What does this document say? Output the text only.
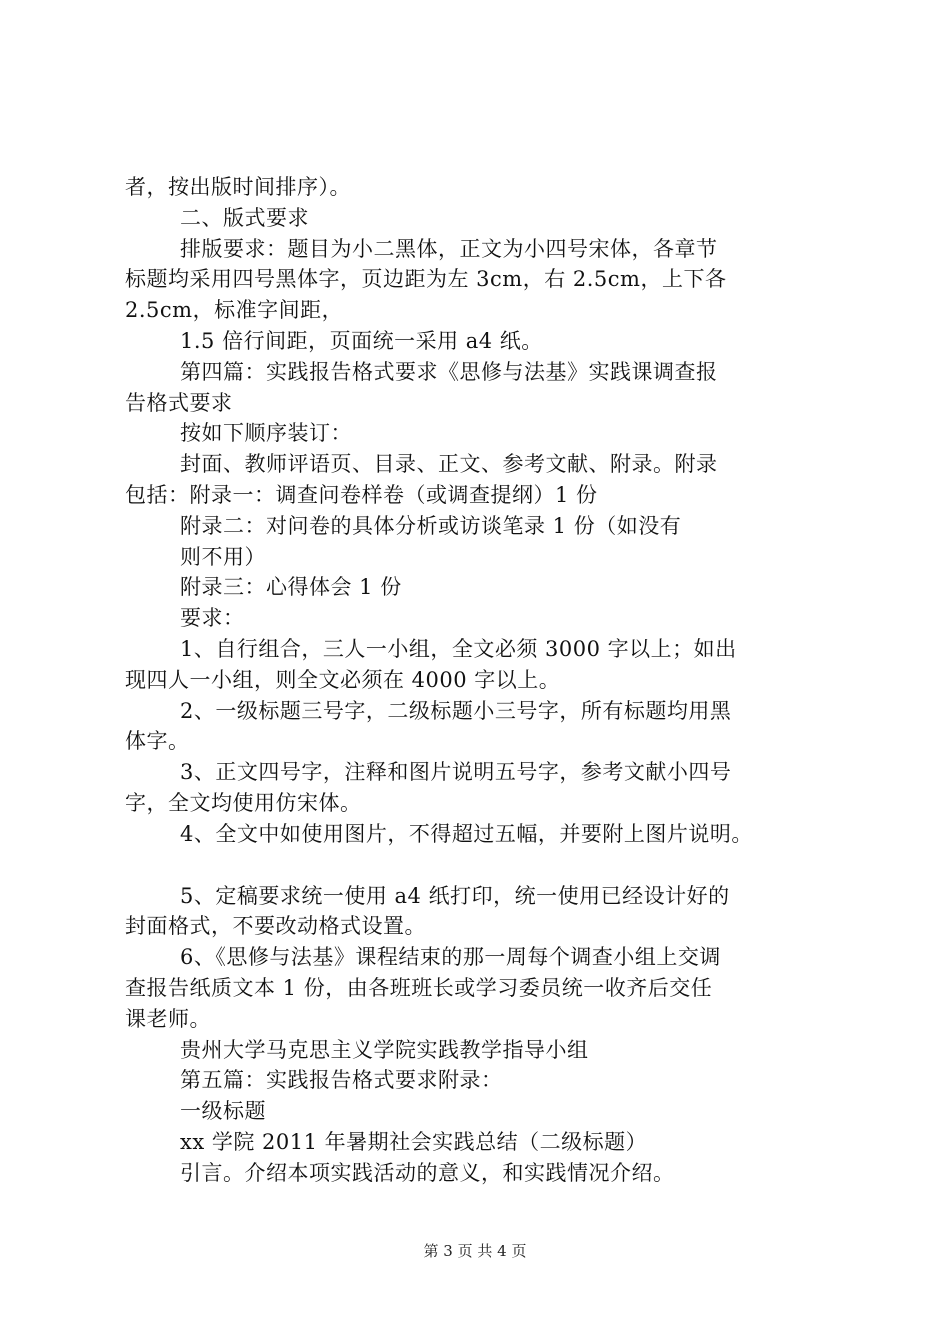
者，按出版时间排序）。
二、版式要求
排版要求：题目为小二黑体，正文为小四号宋体，各章节
标题均采用四号黑体字，页边距为左 3cm，右 2.5cm，上下各
2.5cm，标准字间距，
1.5 倍行间距，页面统一采用 a4 纸。
第四篇：实践报告格式要求《思修与法基》实践课调查报
告格式要求
按如下顺序装订：
封面、教师评语页、目录、正文、参考文献、附录。附录
包括：附录一：调查问卷样卷（或调查提纲）1 份
附录二：对问卷的具体分析或访谈笔录 1 份（如没有
则不用）
附录三：心得体会 1 份
要求：
1、自行组合，三人一小组，全文必须 3000 字以上；如出
现四人一小组，则全文必须在 4000 字以上。
2、一级标题三号字，二级标题小三号字，所有标题均用黑
体字。
3、正文四号字，注释和图片说明五号字，参考文献小四号
字，全文均使用仿宋体。
4、全文中如使用图片，不得超过五幅，并要附上图片说明。
5、定稿要求统一使用 a4 纸打印，统一使用已经设计好的
封面格式，不要改动格式设置。
6、《思修与法基》课程结束的那一周每个调查小组上交调
查报告纸质文本 1 份，由各班班长或学习委员统一收齐后交任
课老师。
贵州大学马克思主义学院实践教学指导小组
第五篇：实践报告格式要求附录：
一级标题
xx 学院 2011 年暑期社会实践总结（二级标题）
引言。介绍本项实践活动的意义，和实践情况介绍。
第 3 页 共 4 页
